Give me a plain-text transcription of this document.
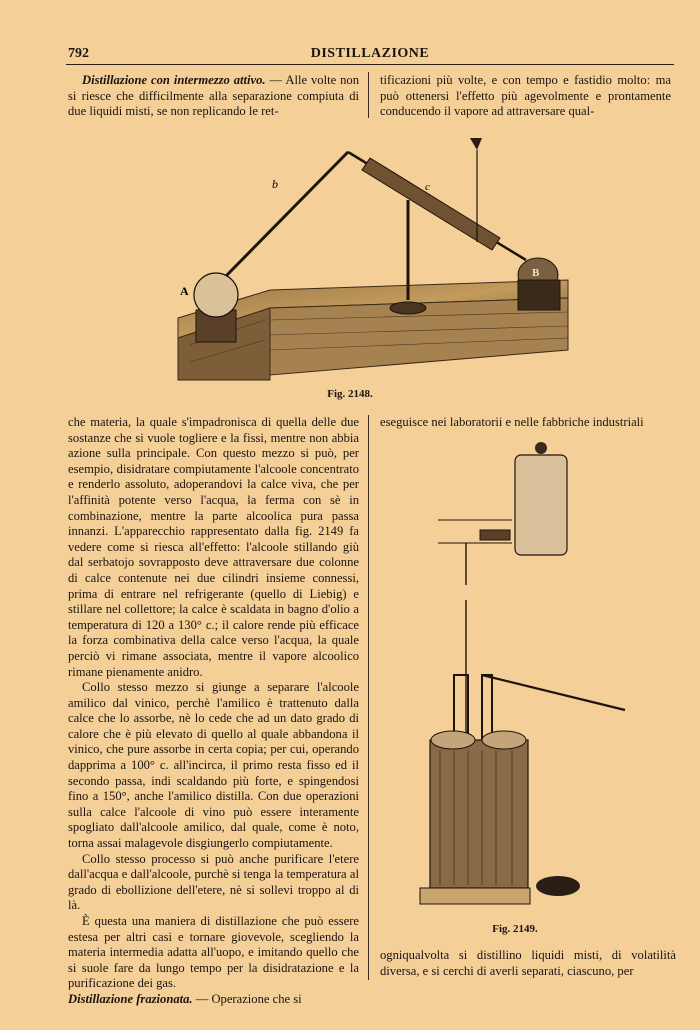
792	DISTILLAZIONE
Distillazione con intermezzo attivo. — Alle volte non si riesce che difficilmente alla separazione compiuta di due liquidi misti, se non replicando le ret-
tificazioni più volte, e con tempo e fastidio molto: ma può ottenersi l'effetto più agevolmente e prontamente conducendo il vapore ad attraversare qual-
A
b	c
B
Fig. 2148.

che materia, la quale s'impadronisca di quella delle due sostanze che si vuole togliere e la fissi, mentre non abbia azione sulla principale. Con questo mezzo si può, per esempio, disidratare compiutamente l'alcoole concentrato e renderlo assoluto, adoperandovi la calce viva, che per l'affinità potente verso l'acqua, la ferma con sè in combinazione, mentre la parte alcoolica pura passa innanzi. L'apparecchio rappresentato dalla fig. 2149 fa vedere come si riesca all'effetto: l'alcoole stillando giù dal serbatojo sovrapposto deve attraversare due colonne di calce contenute nei due cilindri insieme connessi, prima di entrare nel refrigerante (quello di Liebig) e stillare nel collettore; la calce è scaldata in bagno d'olio a temperatura di 120 a 130° c.; il calore rende più efficace la forza combinativa della calce verso l'acqua, la quale perciò vi rimane associata, mentre il vapore alcoolico rimane pienamente anidro.

Collo stesso mezzo si giunge a separare l'alcoole amilico dal vinico, perchè l'amilico è trattenuto dalla calce che lo assorbe, nè lo cede che ad un dato grado di calore che è più elevato di quello al quale abbandona il vinico, che pure assorbe in certa copia; per cui, operando dapprima a 100° c. all'incirca, il primo resta fisso ed il secondo passa, indi scaldando più forte, e spingendosi fino a 150°, anche l'amilico distilla. Con due operazioni sulla calce l'alcoole di vino può essere interamente spogliato dall'alcoole amilico, dal quale, come è noto, torna assai malagevole disgiungerlo compiutamente.

Collo stesso processo si può anche purificare l'etere dall'acqua e dall'alcoole, purchè si tenga la temperatura al grado di ebollizione dell'etere, nè si sollevi troppo al di là.

È questa una maniera di distillazione che può essere estesa per altri casi e tornare giovevole, scegliendo la materia intermedia adatta all'uopo, e imitando quello che si suole fare da lungo tempo per la disidratazione e la purificazione dei gas.

Distillazione frazionata. — Operazione che si

eseguisce nei laboratorii e nelle fabbriche industriali
Fig. 2149.
ogniqualvolta si distillino liquidi misti, di volatilità diversa, e si cerchi di averli separati, ciascuno, per
